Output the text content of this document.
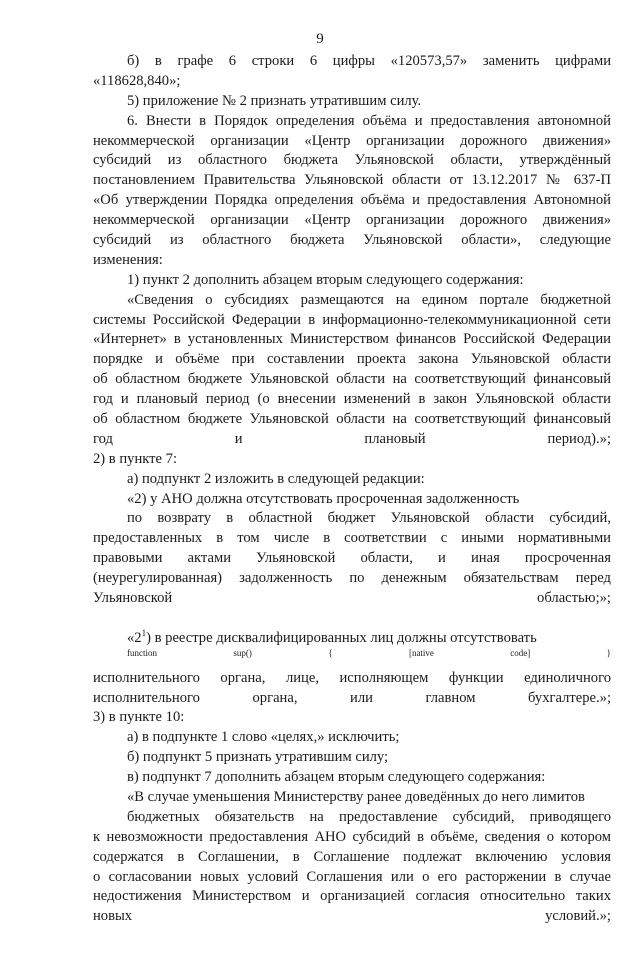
9
б) в графе 6 строки 6 цифры «120573,57» заменить цифрами
«118628,840»;
5) приложение № 2 признать утратившим силу.
6. Внести в Порядок определения объёма и предоставления автономной
некоммерческой организации «Центр организации дорожного движения»
субсидий из областного бюджета Ульяновской области, утверждённый
постановлением Правительства Ульяновской области от 13.12.2017 № 637-П
«Об утверждении Порядка определения объёма и предоставления Автономной
некоммерческой организации «Центр организации дорожного движения»
субсидий из областного бюджета Ульяновской области», следующие
изменения:
1) пункт 2 дополнить абзацем вторым следующего содержания:
«Сведения о субсидиях размещаются на едином портале бюджетной
системы Российской Федерации в информационно-телекоммуникационной сети
«Интернет» в установленных Министерством финансов Российской Федерации
порядке и объёме при составлении проекта закона Ульяновской области
об областном бюджете Ульяновской области на соответствующий финансовый
год и плановый период (о внесении изменений в закон Ульяновской области
об областном бюджете Ульяновской области на соответствующий финансовый
год и плановый период).»;
2) в пункте 7:
а) подпункт 2 изложить в следующей редакции:
«2) у АНО должна отсутствовать просроченная задолженность
по возврату в областной бюджет Ульяновской области субсидий,
предоставленных в том числе в соответствии с иными нормативными
правовыми актами Ульяновской области, и иная просроченная
(неурегулированная) задолженность по денежным обязательствам перед
Ульяновской областью;»;
«$2^1$) в реестре дисквалифицированных лиц должны отсутствовать
$^{function sup() \{ [native code] \}}$
исполнительного органа, лице, исполняющем функции единоличного
исполнительного органа, или главном бухгалтере.»;
3) в пункте 10:
а) в подпункте 1 слово «целях,» исключить;
б) подпункт 5 признать утратившим силу;
в) подпункт 7 дополнить абзацем вторым следующего содержания:
«В случае уменьшения Министерству ранее доведённых до него лимитов
бюджетных обязательств на предоставление субсидий, приводящего
к невозможности предоставления АНО субсидий в объёме, сведения о котором
содержатся в Соглашении, в Соглашение подлежат включению условия
о согласовании новых условий Соглашения или о его расторжении в случае
недостижения Министерством и организацией согласия относительно таких
новых условий.»;
